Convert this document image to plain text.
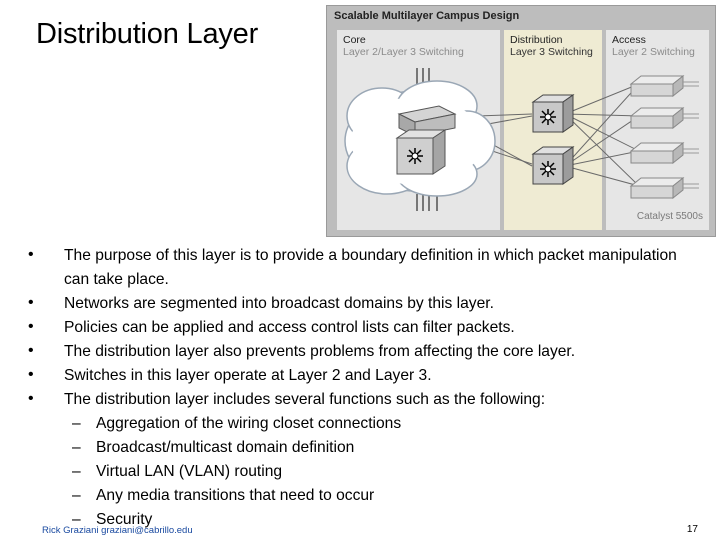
Distribution Layer
Scalable Multilayer Campus Design
Core
Layer 2/Layer 3 Switching
Distribution
Layer 3 Switching
Access
Layer 2 Switching
Catalyst 5500s
• The purpose of this layer is to provide a boundary definition in which packet manipulation can take place.
• Networks are segmented into broadcast domains by this layer.
• Policies can be applied and access control lists can filter packets.
• The distribution layer also prevents problems from affecting the core layer.
• Switches in this layer operate at Layer 2 and Layer 3.
• The distribution layer includes several functions such as the following:
– Aggregation of the wiring closet connections
– Broadcast/multicast domain definition
– Virtual LAN (VLAN) routing
– Any media transitions that need to occur
– Security
Rick Graziani graziani@cabrillo.edu	17
